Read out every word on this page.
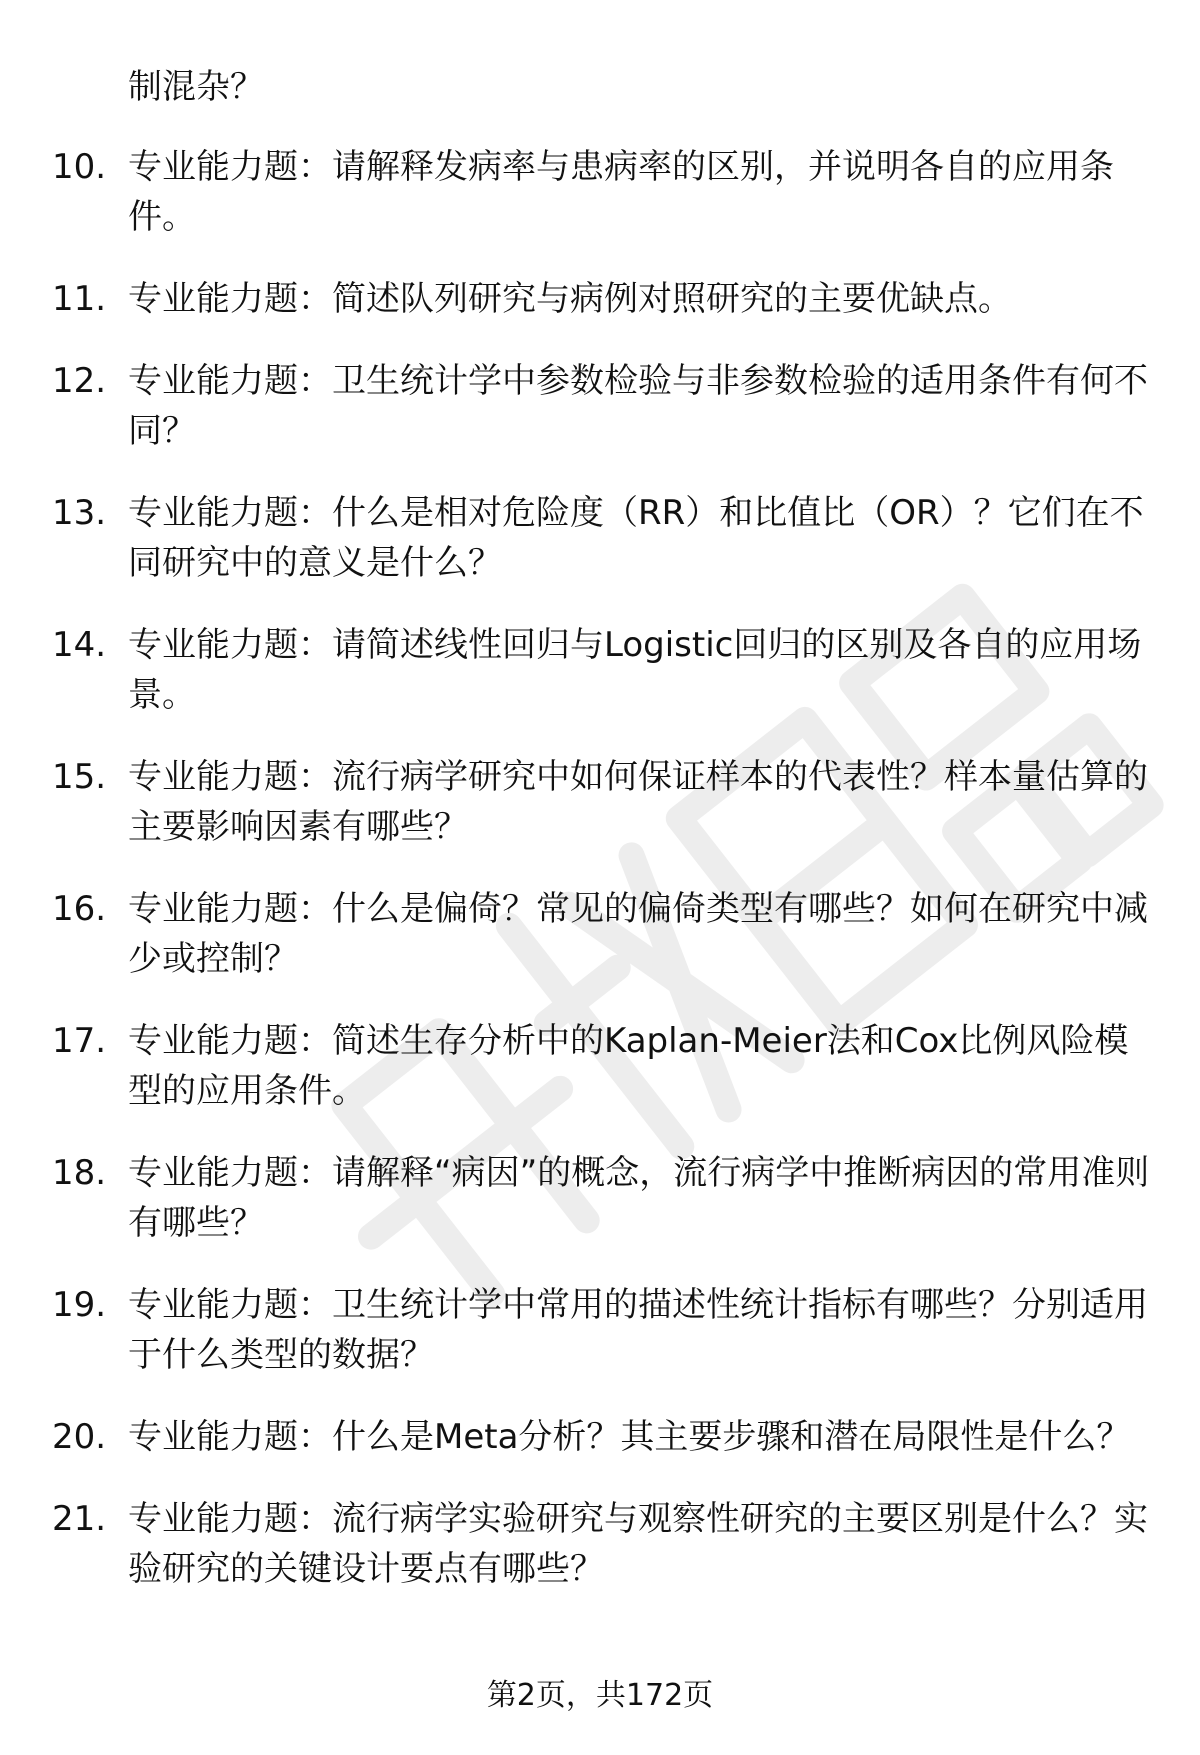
制混杂？

10. 专业能力题：请解释发病率与患病率的区别，并说明各自的应用条件。
11. 专业能力题：简述队列研究与病例对照研究的主要优缺点。
12. 专业能力题：卫生统计学中参数检验与非参数检验的适用条件有何不同？
13. 专业能力题：什么是相对危险度（RR）和比值比（OR）？它们在不同研究中的意义是什么？
14. 专业能力题：请简述线性回归与Logistic回归的区别及各自的应用场景。
15. 专业能力题：流行病学研究中如何保证样本的代表性？样本量估算的主要影响因素有哪些？
16. 专业能力题：什么是偏倚？常见的偏倚类型有哪些？如何在研究中减少或控制？
17. 专业能力题：简述生存分析中的Kaplan-Meier法和Cox比例风险模型的应用条件。
18. 专业能力题：请解释“病因”的概念，流行病学中推断病因的常用准则有哪些？
19. 专业能力题：卫生统计学中常用的描述性统计指标有哪些？分别适用于什么类型的数据？
20. 专业能力题：什么是Meta分析？其主要步骤和潜在局限性是什么？
21. 专业能力题：流行病学实验研究与观察性研究的主要区别是什么？实验研究的关键设计要点有哪些？
第2页，共172页
